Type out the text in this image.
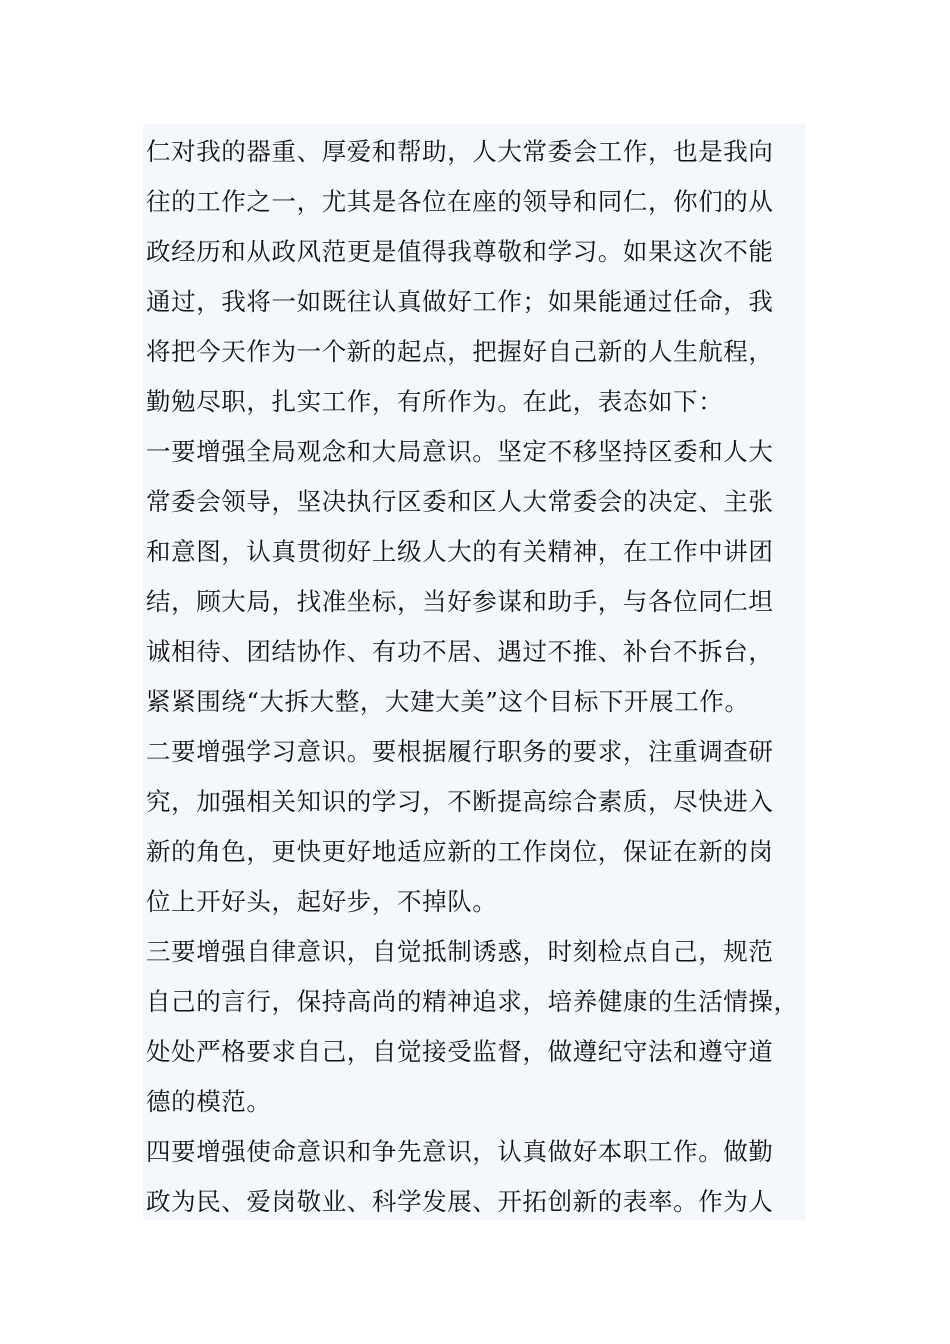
仁对我的器重、厚爱和帮助，人大常委会工作，也是我向
往的工作之一，尤其是各位在座的领导和同仁，你们的从
政经历和从政风范更是值得我尊敬和学习。如果这次不能
通过，我将一如既往认真做好工作；如果能通过任命，我
将把今天作为一个新的起点，把握好自己新的人生航程，
勤勉尽职，扎实工作，有所作为。在此，表态如下：
一要增强全局观念和大局意识。坚定不移坚持区委和人大
常委会领导，坚决执行区委和区人大常委会的决定、主张
和意图，认真贯彻好上级人大的有关精神，在工作中讲团
结，顾大局，找准坐标，当好参谋和助手，与各位同仁坦
诚相待、团结协作、有功不居、遇过不推、补台不拆台，
紧紧围绕“大拆大整，大建大美”这个目标下开展工作。
二要增强学习意识。要根据履行职务的要求，注重调查研
究，加强相关知识的学习，不断提高综合素质，尽快进入
新的角色，更快更好地适应新的工作岗位，保证在新的岗
位上开好头，起好步，不掉队。
三要增强自律意识，自觉抵制诱惑，时刻检点自己，规范
自己的言行，保持高尚的精神追求，培养健康的生活情操，
处处严格要求自己，自觉接受监督，做遵纪守法和遵守道
德的模范。
四要增强使命意识和争先意识，认真做好本职工作。做勤
政为民、爱岗敬业、科学发展、开拓创新的表率。作为人
